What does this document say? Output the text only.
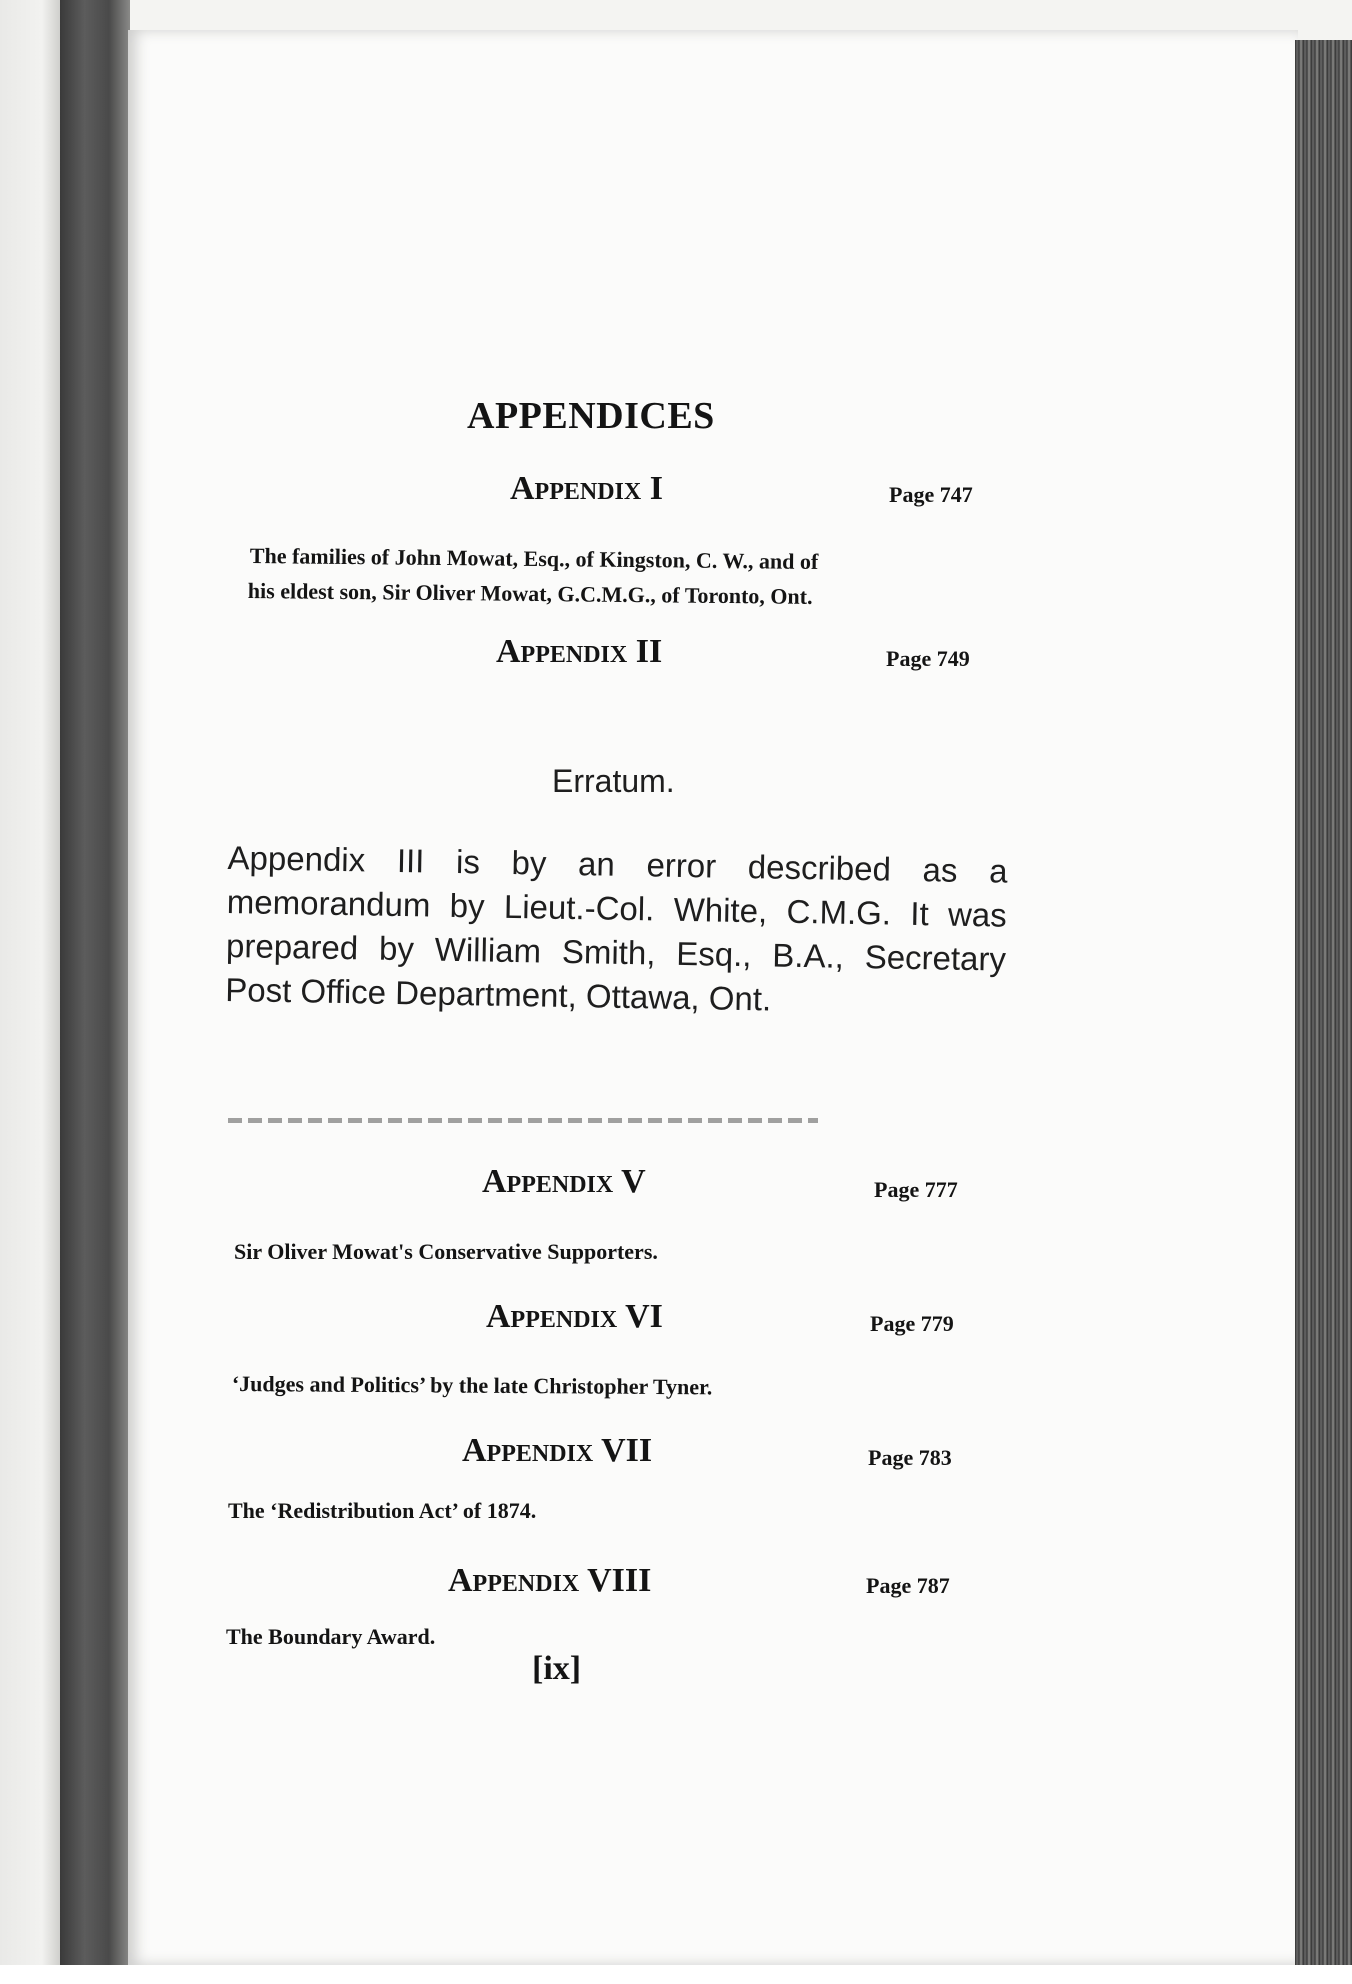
APPENDICES
Appendix I	Page 747
The families of John Mowat, Esq., of Kingston, C. W., and of
his eldest son, Sir Oliver Mowat, G.C.M.G., of Toronto, Ont.
Appendix II	Page 749
Erratum.

Appendix III is by an error described as a memorandum by Lieut.-Col. White, C.M.G. It was prepared by William Smith, Esq., B.A., Secretary Post Office Department, Ottawa, Ont.

Appendix V	Page 777
Sir Oliver Mowat's Conservative Supporters.
Appendix VI	Page 779
‘Judges and Politics’ by the late Christopher Tyner.
Appendix VII	Page 783
The ‘Redistribution Act’ of 1874.
Appendix VIII	Page 787
The Boundary Award.
[ix]
